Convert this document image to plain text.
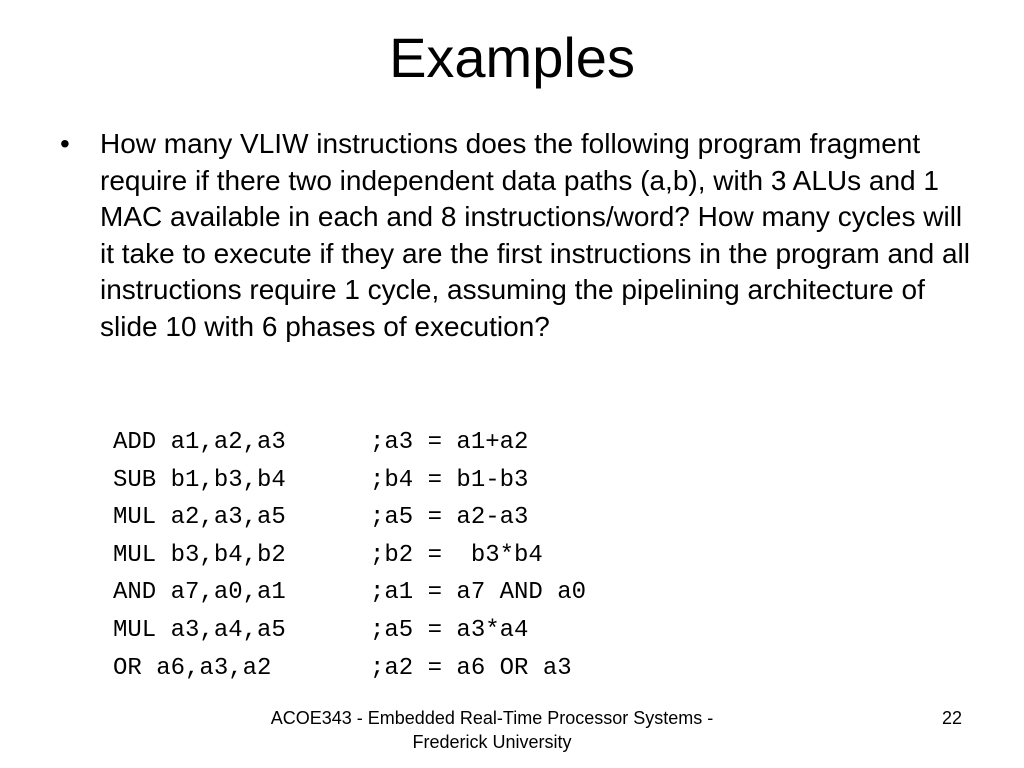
Examples
•	How many VLIW instructions does the following program fragment require if there two independent data paths (a,b), with 3 ALUs and 1 MAC available in each and 8 instructions/word? How many cycles will it take to execute if they are the first instructions in the program and all instructions require 1 cycle, assuming the pipelining architecture of slide 10 with 6 phases of execution?
ADD a1,a2,a3	;a3 = a1+a2
SUB b1,b3,b4	;b4 = b1-b3
MUL a2,a3,a5	;a5 = a2-a3
MUL b3,b4,b2	;b2 =  b3*b4
AND a7,a0,a1	;a1 = a7 AND a0
MUL a3,a4,a5	;a5 = a3*a4
OR a6,a3,a2	;a2 = a6 OR a3
ACOE343 - Embedded Real-Time Processor Systems -
Frederick University
22
